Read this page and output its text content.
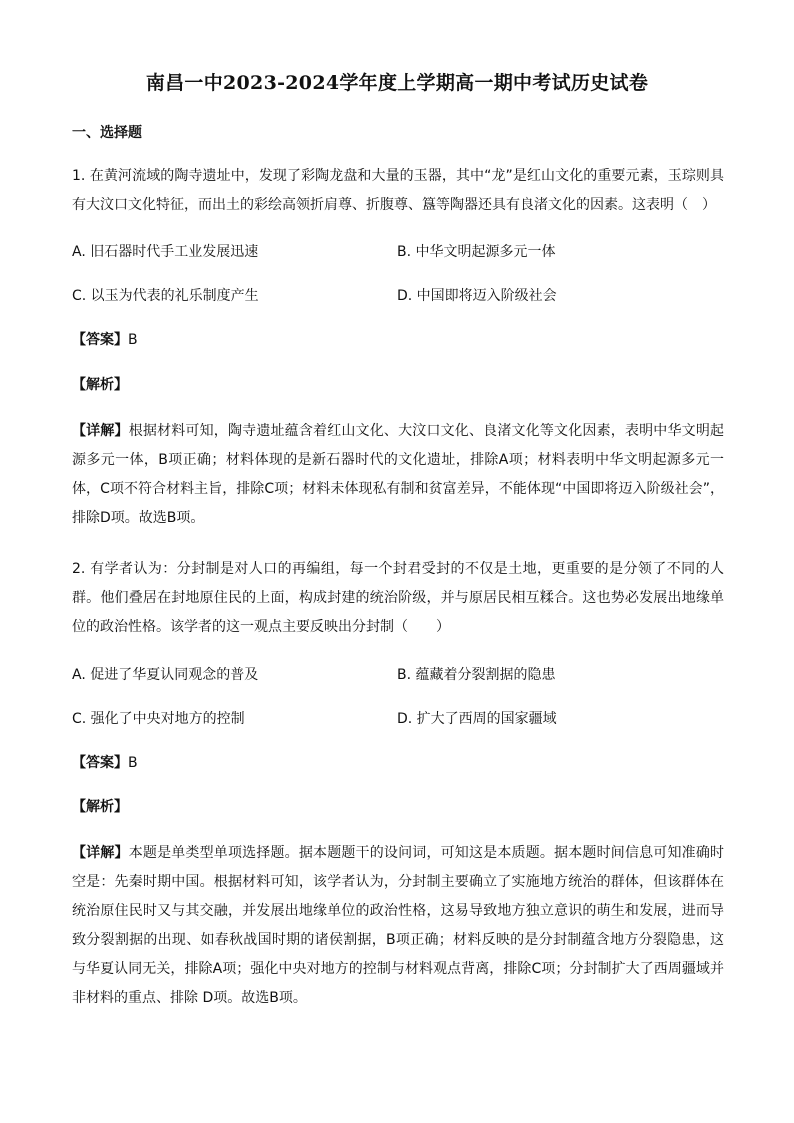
南昌一中2023-2024学年度上学期高一期中考试历史试卷
一、选择题
1. 在黄河流域的陶寺遗址中，发现了彩陶龙盘和大量的玉器，其中“龙”是红山文化的重要元素，玉琮则具有大汶口文化特征，而出土的彩绘高领折肩尊、折腹尊、簋等陶器还具有良渚文化的因素。这表明（　）
A. 旧石器时代手工业发展迅速	B. 中华文明起源多元一体
C. 以玉为代表的礼乐制度产生	D. 中国即将迈入阶级社会
【答案】B
【解析】
【详解】根据材料可知，陶寺遗址蕴含着红山文化、大汶口文化、良渚文化等文化因素，表明中华文明起源多元一体，B项正确；材料体现的是新石器时代的文化遗址，排除A项；材料表明中华文明起源多元一体，C项不符合材料主旨，排除C项；材料未体现私有制和贫富差异，不能体现“中国即将迈入阶级社会”，排除D项。故选B项。
2. 有学者认为：分封制是对人口的再编组，每一个封君受封的不仅是土地，更重要的是分领了不同的人群。他们叠居在封地原住民的上面，构成封建的统治阶级，并与原居民相互糅合。这也势必发展出地缘单位的政治性格。该学者的这一观点主要反映出分封制（　　）
A. 促进了华夏认同观念的普及	B. 蕴藏着分裂割据的隐患
C. 强化了中央对地方的控制	D. 扩大了西周的国家疆域
【答案】B
【解析】
【详解】本题是单类型单项选择题。据本题题干的设问词，可知这是本质题。据本题时间信息可知准确时空是：先秦时期中国。根据材料可知，该学者认为，分封制主要确立了实施地方统治的群体，但该群体在统治原住民时又与其交融，并发展出地缘单位的政治性格，这易导致地方独立意识的萌生和发展，进而导致分裂割据的出现、如春秋战国时期的诸侯割据，B项正确；材料反映的是分封制蕴含地方分裂隐患，这与华夏认同无关，排除A项；强化中央对地方的控制与材料观点背离，排除C项；分封制扩大了西周疆域并非材料的重点、排除 D项。故选B项。
